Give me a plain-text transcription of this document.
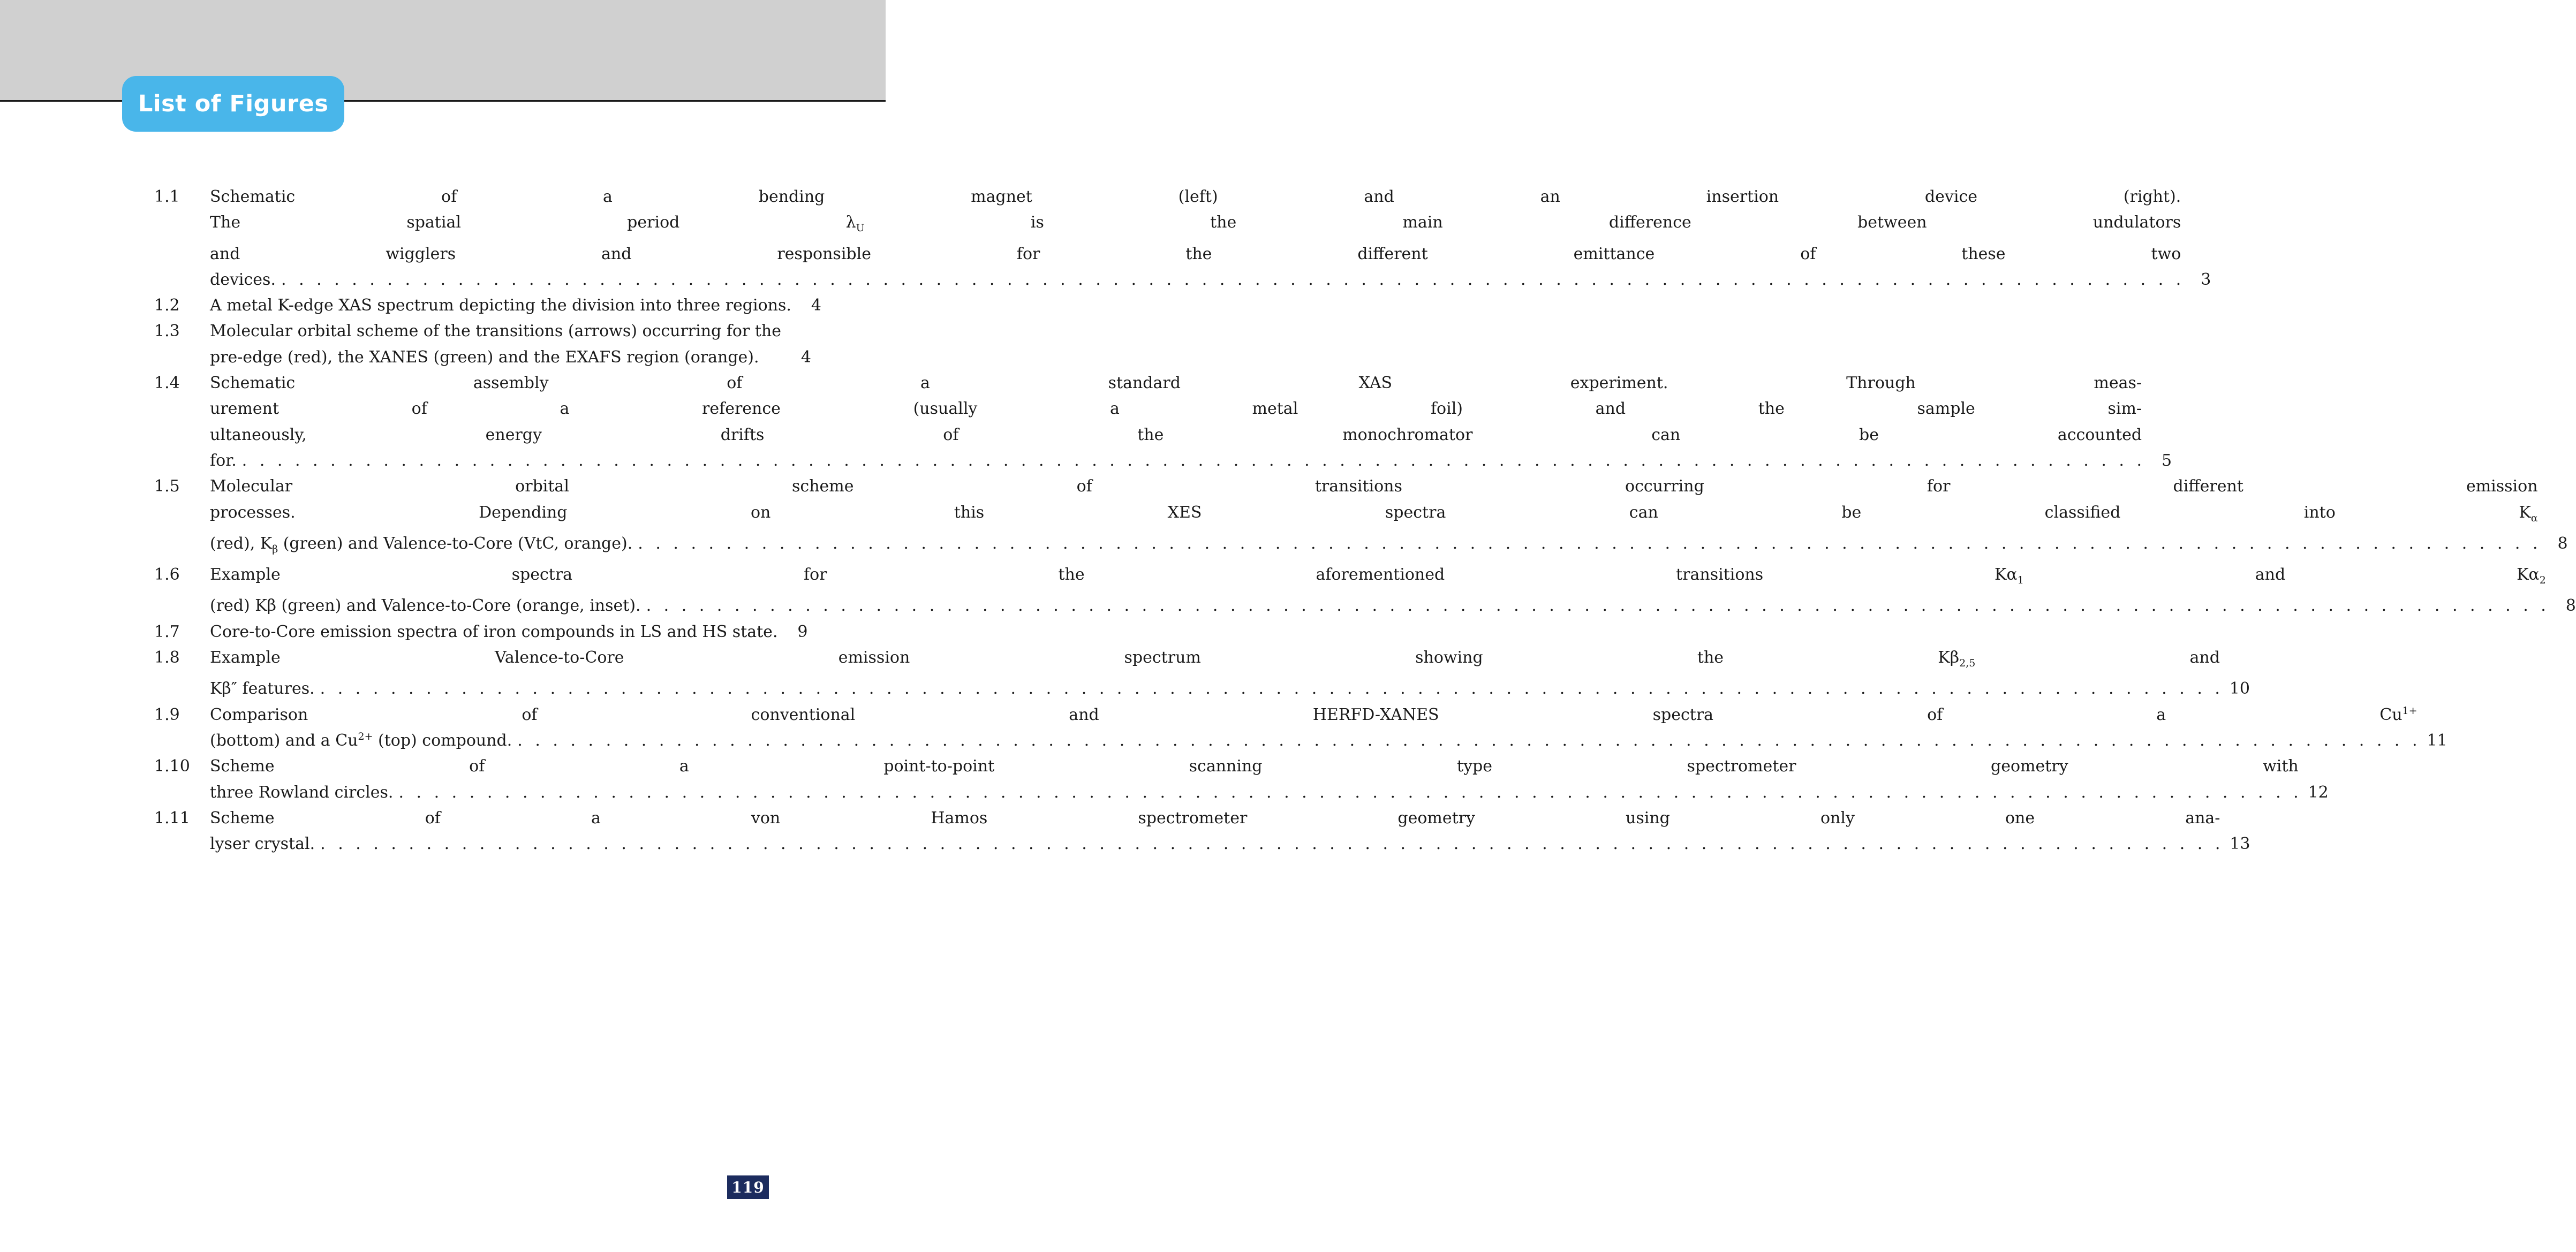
List of Figures
1.1	Schematic of a bending magnet (left) and an insertion device (right).
The spatial period $\lambda_U$ is the main difference between undulators
and wigglers and responsible for the different emittance of these two
devices. . . .	3
1.2	A metal K-edge XAS spectrum depicting the division into three regions.	4
1.3	Molecular orbital scheme of the transitions (arrows) occurring for the
pre-edge (red), the XANES (green) and the EXAFS region (orange).	4
1.4	Schematic assembly of a standard XAS experiment. Through meas-
urement of a reference (usually a metal foil) and the sample sim-
ultaneously, energy drifts of the monochromator can be accounted
for. . . .	5
1.5	Molecular orbital scheme of transitions occurring for different emission
processes. Depending on this XES spectra can be classified into $K_\alpha$
(red), $K_\beta$ (green) and Valence-to-Core (VtC, orange). . . .	8
1.6	Example spectra for the aforementioned transitions $K\alpha_1$ and $K\alpha_2$
(red) Kβ (green) and Valence-to-Core (orange, inset). . . .	8
1.7	Core-to-Core emission spectra of iron compounds in LS and HS state.	9
1.8	Example Valence-to-Core emission spectrum showing the $K\beta_{2,5}$ and
Kβ″ features. . . .	10
1.9	Comparison of conventional and HERFD-XANES spectra of a $Cu^{1+}$
(bottom) and a $Cu^{2+}$ (top) compound. . . .	11
1.10	Scheme of a point-to-point scanning type spectrometer geometry with
three Rowland circles. . . .	12
1.11	Scheme of a von Hamos spectrometer geometry using only one ana-
lyser crystal. . . .	13
119
